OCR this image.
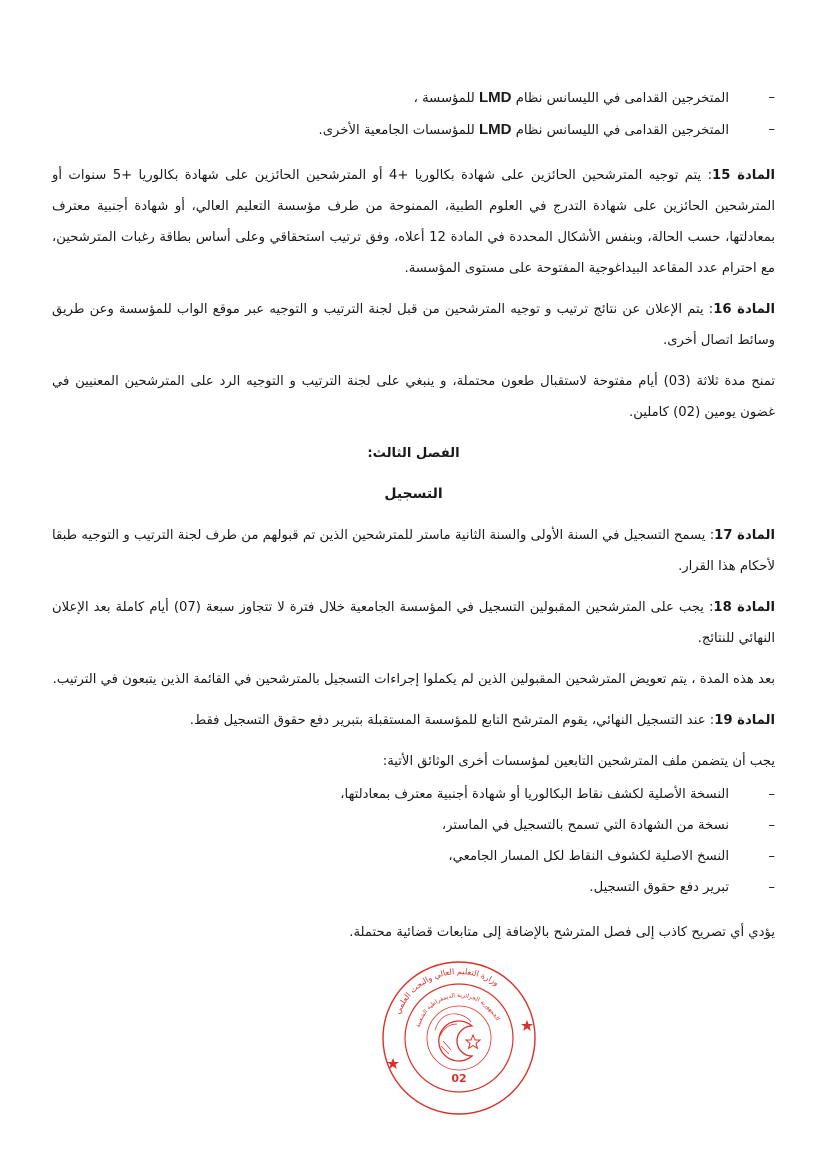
–
المتخرجين القدامى في الليسانس نظام LMD للمؤسسة ،
–
المتخرجين القدامى في الليسانس نظام LMD للمؤسسات الجامعية الأخرى.

المادة 15: يتم توجيه المترشحين الحائزين على شهادة بكالوريا +4 أو المترشحين الحائزين على شهادة بكالوريا +5 سنوات أو المترشحين الحائزين على شهادة التدرج في العلوم الطبية، الممنوحة من طرف مؤسسة التعليم العالي، أو شهادة أجنبية معترف بمعادلتها، حسب الحالة، وبنفس الأشكال المحددة في المادة 12 أعلاه، وفق ترتيب استحقاقي وعلى أساس بطاقة رغبات المترشحين، مع احترام عدد المقاعد البيداغوجية المفتوحة على مستوى المؤسسة.

المادة 16: يتم الإعلان عن نتائج ترتيب و توجيه المترشحين من قبل لجنة الترتيب و التوجيه عبر موقع الواب للمؤسسة وعن طريق وسائط اتصال أخرى.

تمنح مدة ثلاثة (03) أيام مفتوحة لاستقبال طعون محتملة، و ينبغي على لجنة الترتيب و التوجيه الرد على المترشحين المعنيين في غضون يومين (02) كاملين.

الفصل الثالث:
التسجيل

المادة 17: يسمح التسجيل في السنة الأولى والسنة الثانية ماستر للمترشحين الذين تم قبولهم من طرف لجنة الترتيب و التوجيه طبقا لأحكام هذا القرار.

المادة 18: يجب على المترشحين المقبولين التسجيل في المؤسسة الجامعية خلال فترة لا تتجاوز سبعة (07) أيام كاملة بعد الإعلان النهائي للنتائج.

بعد هذه المدة ، يتم تعويض المترشحين المقبولين الذين لم يكملوا إجراءات التسجيل بالمترشحين في القائمة الذين يتبعون في الترتيب.

المادة 19: عند التسجيل النهائي، يقوم المترشح التابع للمؤسسة المستقبلة بتبرير دفع حقوق التسجيل فقط.

يجب أن يتضمن ملف المترشحين التابعين لمؤسسات أخرى الوثائق الأتية:

–
النسخة الأصلية لكشف نقاط البكالوريا أو شهادة أجنبية معترف بمعادلتها،
–
نسخة من الشهادة التي تسمح بالتسجيل في الماستر،
–
النسخ الاصلية لكشوف النقاط لكل المسار الجامعي،
–
تبرير دفع حقوق التسجيل.

يؤدي أي تصريح كاذب إلى فصل المترشح بالإضافة إلى متابعات قضائية محتملة.

وزارة التعليم العالي والبحث العلمي
الجمهورية الجزائرية الديمقراطية الشعبية
02
